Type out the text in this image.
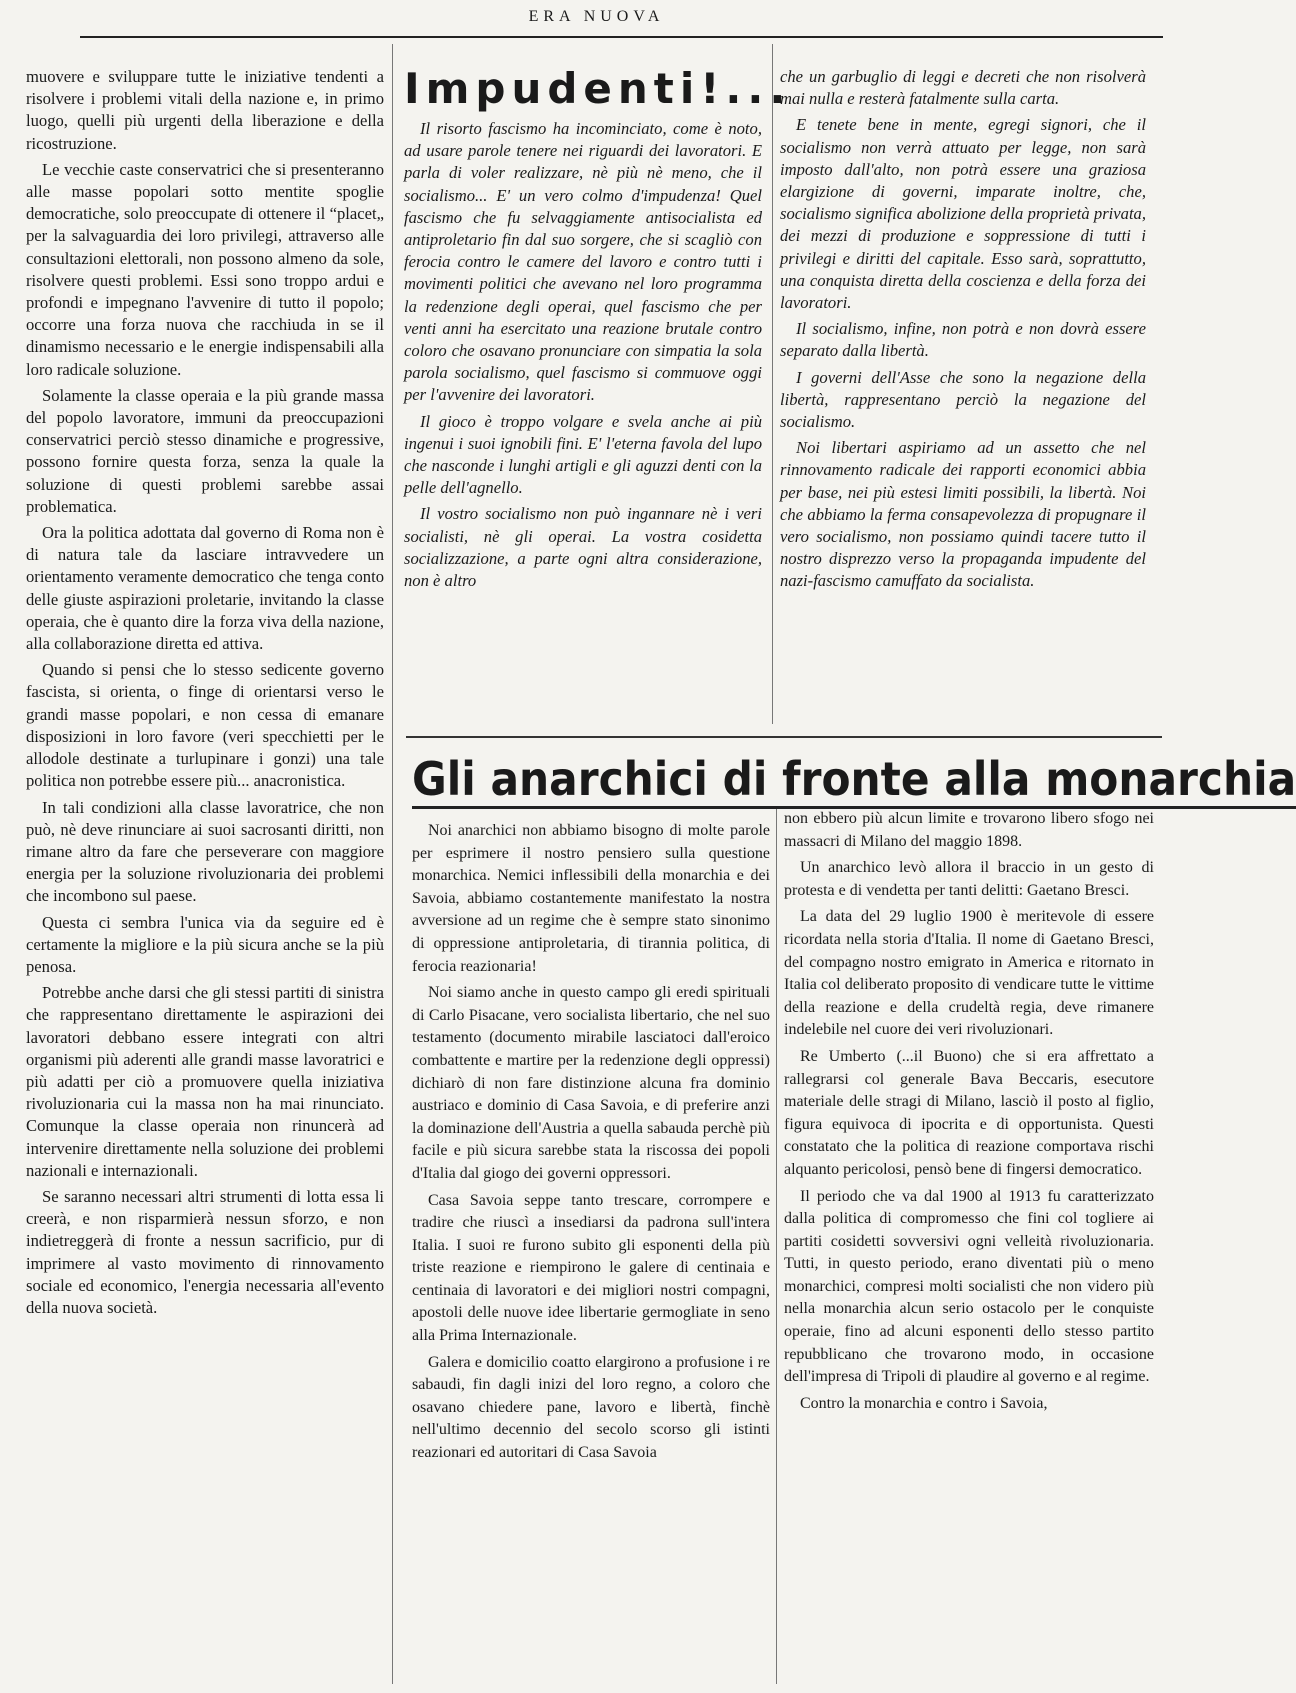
ERA NUOVA

muovere e sviluppare tutte le iniziative tendenti a risolvere i problemi vitali della nazione e, in primo luogo, quelli più urgenti della liberazione e della ricostruzione.

Le vecchie caste conservatrici che si presenteranno alle masse popolari sotto mentite spoglie democratiche, solo preoccupate di ottenere il “placet„ per la salvaguardia dei loro privilegi, attraverso alle consultazioni elettorali, non possono almeno da sole, risolvere questi problemi. Essi sono troppo ardui e profondi e impegnano l'avvenire di tutto il popolo; occorre una forza nuova che racchiuda in se il dinamismo necessario e le energie indispensabili alla loro radicale soluzione.

Solamente la classe operaia e la più grande massa del popolo lavoratore, immuni da preoccupazioni conservatrici perciò stesso dinamiche e progressive, possono fornire questa forza, senza la quale la soluzione di questi problemi sarebbe assai problematica.

Ora la politica adottata dal governo di Roma non è di natura tale da lasciare intravvedere un orientamento veramente democratico che tenga conto delle giuste aspirazioni proletarie, invitando la classe operaia, che è quanto dire la forza viva della nazione, alla collaborazione diretta ed attiva.

Quando si pensi che lo stesso sedicente governo fascista, si orienta, o finge di orientarsi verso le grandi masse popolari, e non cessa di emanare disposizioni in loro favore (veri specchietti per le allodole destinate a turlupinare i gonzi) una tale politica non potrebbe essere più... anacronistica.

In tali condizioni alla classe lavoratrice, che non può, nè deve rinunciare ai suoi sacrosanti diritti, non rimane altro da fare che perseverare con maggiore energia per la soluzione rivoluzionaria dei problemi che incombono sul paese.

Questa ci sembra l'unica via da seguire ed è certamente la migliore e la più sicura anche se la più penosa.

Potrebbe anche darsi che gli stessi partiti di sinistra che rappresentano direttamente le aspirazioni dei lavoratori debbano essere integrati con altri organismi più aderenti alle grandi masse lavoratrici e più adatti per ciò a promuovere quella iniziativa rivoluzionaria cui la massa non ha mai rinunciato. Comunque la classe operaia non rinuncerà ad intervenire direttamente nella soluzione dei problemi nazionali e internazionali.

Se saranno necessari altri strumenti di lotta essa li creerà, e non risparmierà nessun sforzo, e non indietreggerà di fronte a nessun sacrificio, pur di imprimere al vasto movimento di rinnovamento sociale ed economico, l'energia necessaria all'evento della nuova società.

Impudenti!...

Il risorto fascismo ha incominciato, come è noto, ad usare parole tenere nei riguardi dei lavoratori. E parla di voler realizzare, nè più nè meno, che il socialismo... E' un vero colmo d'impudenza! Quel fascismo che fu selvaggiamente antisocialista ed antiproletario fin dal suo sorgere, che si scagliò con ferocia contro le camere del lavoro e contro tutti i movimenti politici che avevano nel loro programma la redenzione degli operai, quel fascismo che per venti anni ha esercitato una reazione brutale contro coloro che osavano pronunciare con simpatia la sola parola socialismo, quel fascismo si commuove oggi per l'avvenire dei lavoratori.

Il gioco è troppo volgare e svela anche ai più ingenui i suoi ignobili fini. E' l'eterna favola del lupo che nasconde i lunghi artigli e gli aguzzi denti con la pelle dell'agnello.

Il vostro socialismo non può ingannare nè i veri socialisti, nè gli operai. La vostra cosidetta socializzazione, a parte ogni altra considerazione, non è altro

che un garbuglio di leggi e decreti che non risolverà mai nulla e resterà fatalmente sulla carta.

E tenete bene in mente, egregi signori, che il socialismo non verrà attuato per legge, non sarà imposto dall'alto, non potrà essere una graziosa elargizione di governi, imparate inoltre, che, socialismo significa abolizione della proprietà privata, dei mezzi di produzione e soppressione di tutti i privilegi e diritti del capitale. Esso sarà, soprattutto, una conquista diretta della coscienza e della forza dei lavoratori.

Il socialismo, infine, non potrà e non dovrà essere separato dalla libertà.

I governi dell'Asse che sono la negazione della libertà, rappresentano perciò la negazione del socialismo.

Noi libertari aspiriamo ad un assetto che nel rinnovamento radicale dei rapporti economici abbia per base, nei più estesi limiti possibili, la libertà. Noi che abbiamo la ferma consapevolezza di propugnare il vero socialismo, non possiamo quindi tacere tutto il nostro disprezzo verso la propaganda impudente del nazi-fascismo camuffato da socialista.

Gli anarchici di fronte alla monarchia

Noi anarchici non abbiamo bisogno di molte parole per esprimere il nostro pensiero sulla questione monarchica. Nemici inflessibili della monarchia e dei Savoia, abbiamo costantemente manifestato la nostra avversione ad un regime che è sempre stato sinonimo di oppressione antiproletaria, di tirannia politica, di ferocia reazionaria!

Noi siamo anche in questo campo gli eredi spirituali di Carlo Pisacane, vero socialista libertario, che nel suo testamento (documento mirabile lasciatoci dall'eroico combattente e martire per la redenzione degli oppressi) dichiarò di non fare distinzione alcuna fra dominio austriaco e dominio di Casa Savoia, e di preferire anzi la dominazione dell'Austria a quella sabauda perchè più facile e più sicura sarebbe stata la riscossa dei popoli d'Italia dal giogo dei governi oppressori.

Casa Savoia seppe tanto trescare, corrompere e tradire che riuscì a insediarsi da padrona sull'intera Italia. I suoi re furono subito gli esponenti della più triste reazione e riempirono le galere di centinaia e centinaia di lavoratori e dei migliori nostri compagni, apostoli delle nuove idee libertarie germogliate in seno alla Prima Internazionale.

Galera e domicilio coatto elargirono a profusione i re sabaudi, fin dagli inizi del loro regno, a coloro che osavano chiedere pane, lavoro e libertà, finchè nell'ultimo decennio del secolo scorso gli istinti reazionari ed autoritari di Casa Savoia

non ebbero più alcun limite e trovarono libero sfogo nei massacri di Milano del maggio 1898.

Un anarchico levò allora il braccio in un gesto di protesta e di vendetta per tanti delitti: Gaetano Bresci.

La data del 29 luglio 1900 è meritevole di essere ricordata nella storia d'Italia. Il nome di Gaetano Bresci, del compagno nostro emigrato in America e ritornato in Italia col deliberato proposito di vendicare tutte le vittime della reazione e della crudeltà regia, deve rimanere indelebile nel cuore dei veri rivoluzionari.

Re Umberto (...il Buono) che si era affrettato a rallegrarsi col generale Bava Beccaris, esecutore materiale delle stragi di Milano, lasciò il posto al figlio, figura equivoca di ipocrita e di opportunista. Questi constatato che la politica di reazione comportava rischi alquanto pericolosi, pensò bene di fingersi democratico.

Il periodo che va dal 1900 al 1913 fu caratterizzato dalla politica di compromesso che fini col togliere ai partiti cosidetti sovversivi ogni velleità rivoluzionaria. Tutti, in questo periodo, erano diventati più o meno monarchici, compresi molti socialisti che non videro più nella monarchia alcun serio ostacolo per le conquiste operaie, fino ad alcuni esponenti dello stesso partito repubblicano che trovarono modo, in occasione dell'impresa di Tripoli di plaudire al governo e al regime.

Contro la monarchia e contro i Savoia,
